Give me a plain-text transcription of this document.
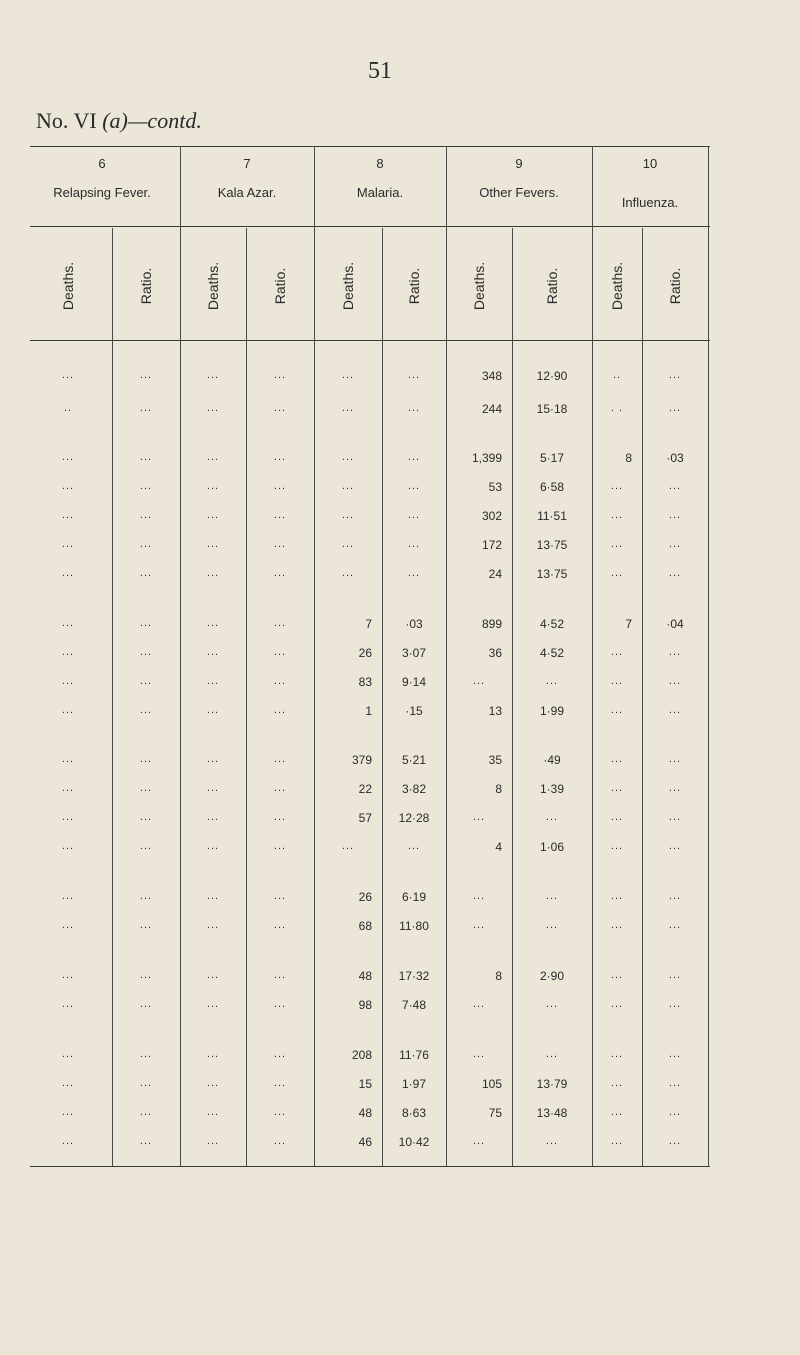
51
No. VI (a)—contd.
6
Relapsing Fever.
Deaths.	Ratio.
7
Kala Azar.
Deaths.	Ratio.
8
Malaria.
Deaths.	Ratio.
9
Other Fevers.
Deaths.	Ratio.
10
Influenza.
Deaths.	Ratio.
...	...	...	...	...	...	348	12·90	..	...
..	...	...	...	...	...	244	15·18	. .	...
...	...	...	...	...	...	1,399	5·17	8	·03
...	...	...	...	...	...	53	6·58	...	...
...	...	...	...	...	...	302	11·51	...	...
...	...	...	...	...	...	172	13·75	...	...
...	...	...	...	...	...	24	13·75	...	...
...	...	...	...	7	·03	899	4·52	7	·04
...	...	...	...	26 3·07	36	4·52	...	...
...	...	...	...	83 9·14	...	...	...	...
...	...	...	...	1	·15	13	1·99	...	...
...	...	...	...	379 5·21	35	·49	...	...
...	...	...	...	22 3·82	8	1·39	...	...
...	...	...	...	57 12·28	...	...	...	...
...	...	...	...	...	...	4	1·06	...	...
...	...	...	...	26 6·19	...	...	...	...
...	...	...	...	68 11·80	...	...	...	...
...	...	...	...	48 17·32	8	2·90	...	...
...	...	...	...	98 7·48	...	...	...	...
...	...	...	...	208 11·76	...	...	...	...
...	...	...	...	15 1·97	105	13·79	...	...
...	...	...	...	48 8·63	75	13·48	...	...
...	...	...	...	46 10·42	...	...	...	...
